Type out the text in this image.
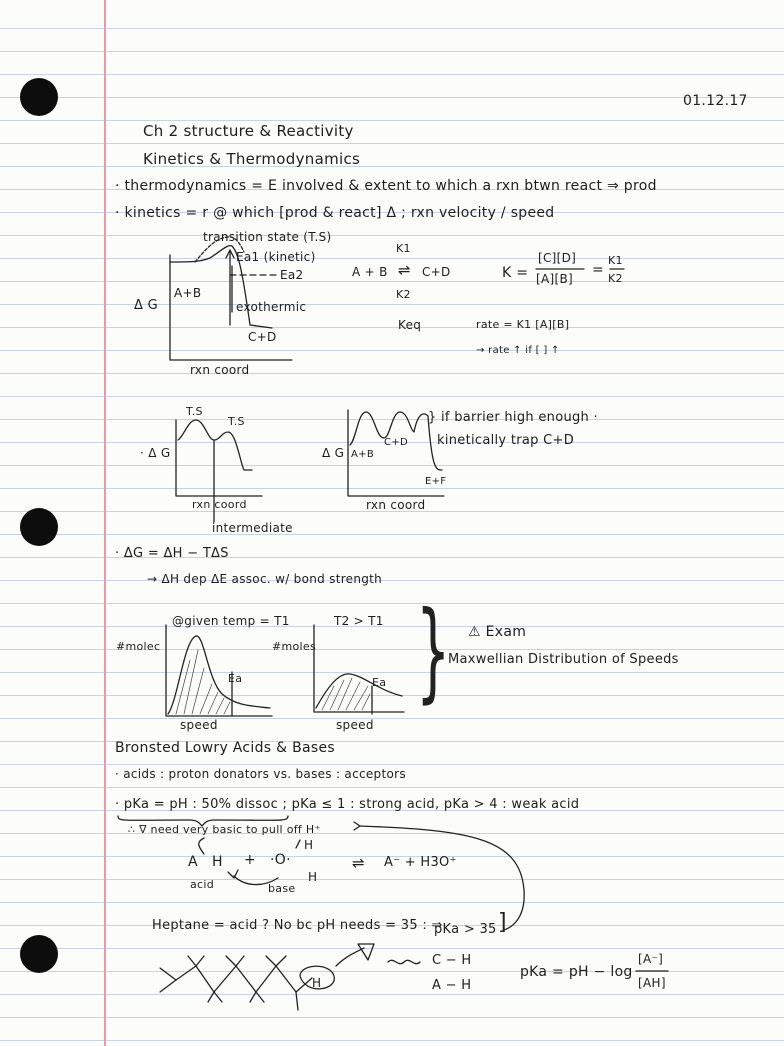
01.12.17
Ch 2 structure & Reactivity
Kinetics & Thermodynamics
· thermodynamics = E involved & extent to which a rxn btwn react ⇒ prod
· kinetics = r @ which [prod & react] Δ ; rxn velocity / speed
transition state (T.S)
Ea1 (kinetic)
Ea2
A+B
Δ G	exothermic
C+D
rxn coord
K1
A + B ⇌ C+D
K2
K =
[C][D]
[A][B]
=
K1
K2
Keq	rate = K1 [A][B]
→ rate ↑ if [ ] ↑
T.S
T.S
· Δ G
rxn coord
intermediate
Δ G A+B
C+D
E+F
rxn coord
} if barrier high enough ·
kinetically trap C+D
· ΔG = ΔH − TΔS
→ ΔH dep ΔE assoc. w/ bond strength
@given temp = T1
#molec
Ea
speed
T2 > T1
#moles
Ea
speed
} ⚠ Exam
Maxwellian Distribution of Speeds
Bronsted Lowry Acids & Bases
· acids : proton donators vs. bases : acceptors
· pKa = pH : 50% dissoc ; pKa ≤ 1 : strong acid, pKa > 4 : weak acid
∴ ∇ need very basic to pull off H⁺
A H + ·O·
H
H
acid	base
⇌ A⁻ + H3O⁺
Heptane = acid ? No bc pH needs = 35 : ⇒
pKa > 35 ]
H
C − H
A − H
pKa = pH − log
[A⁻]
[AH]
